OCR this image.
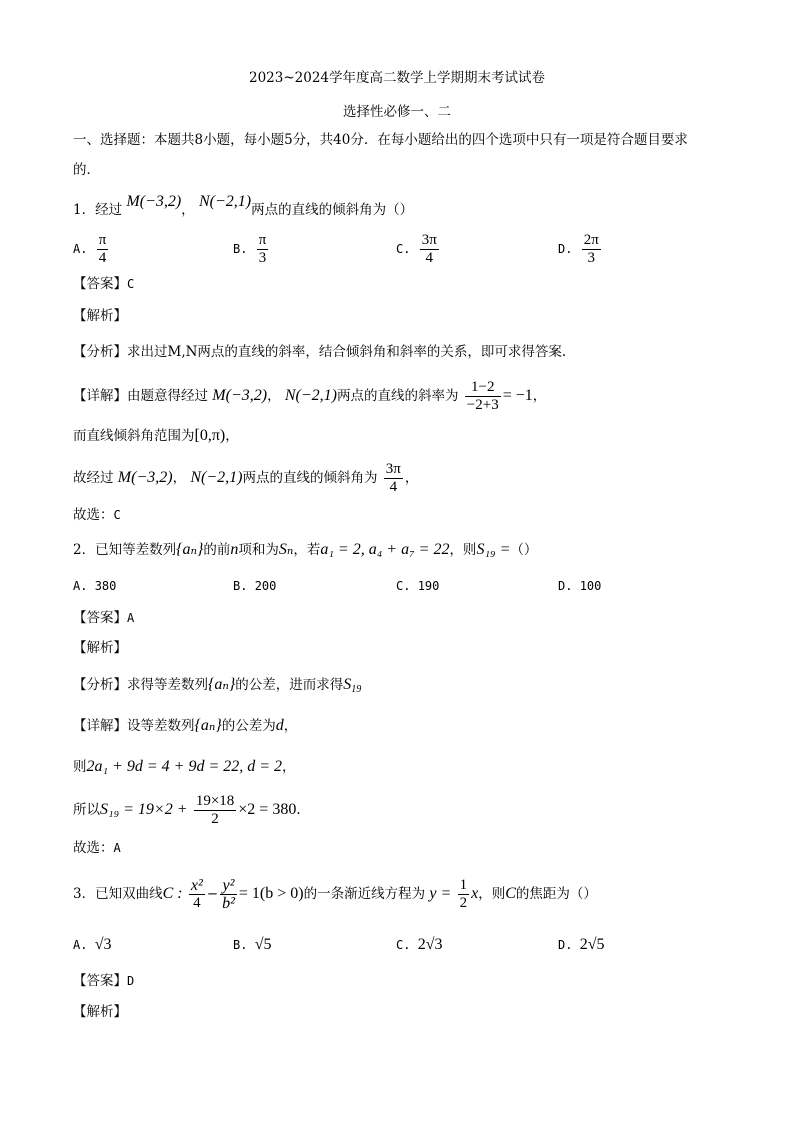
2023~2024学年度高二数学上学期期末考试试卷
选择性必修一、二
一、选择题：本题共8小题，每小题5分，共40分．在每小题给出的四个选项中只有一项是符合题目要求
的．
1．经过 M(−3,2)， N(−2,1)两点的直线的倾斜角为（）
A. $\frac{\pi}{4}$	B. $\frac{\pi}{3}$	C. $\frac{3\pi}{4}$	D. $\frac{2\pi}{3}$
【答案】C
【解析】
【分析】求出过M,N两点的直线的斜率，结合倾斜角和斜率的关系，即可求得答案.
【详解】由题意得经过 M(−3,2)， N(−2,1)两点的直线的斜率为 $\frac{1-2}{-2+3} = -1$，
而直线倾斜角范围为[0,π)，
故经过 M(−3,2)， N(−2,1)两点的直线的倾斜角为 $\frac{3\pi}{4}$ ，
故选：C
2．已知等差数列{aₙ}的前n项和为Sₙ，若a₁ = 2, a₄ + a₇ = 22，则S₁₉ =（）
A. 380	B. 200	C. 190	D. 100
【答案】A
【解析】
【分析】求得等差数列{aₙ}的公差，进而求得$S_{19}$
【详解】设等差数列{aₙ}的公差为d，
则2a₁ + 9d = 4 + 9d = 22, d = 2，
所以$S_{19} = 19\times 2 + \frac{19\times 18}{2} \times 2 = 380$.
故选：A
3．已知双曲线C : $\frac{\text{x²}}{4} - \frac{\text{y²}}{\text{b²}} = 1(b > 0)$的一条渐近线方程为 $y = \frac{1}{2}$ x，则C的焦距为（）
A. √3	B. √5	C. 2√3	D. 2√5
【答案】D
【解析】
